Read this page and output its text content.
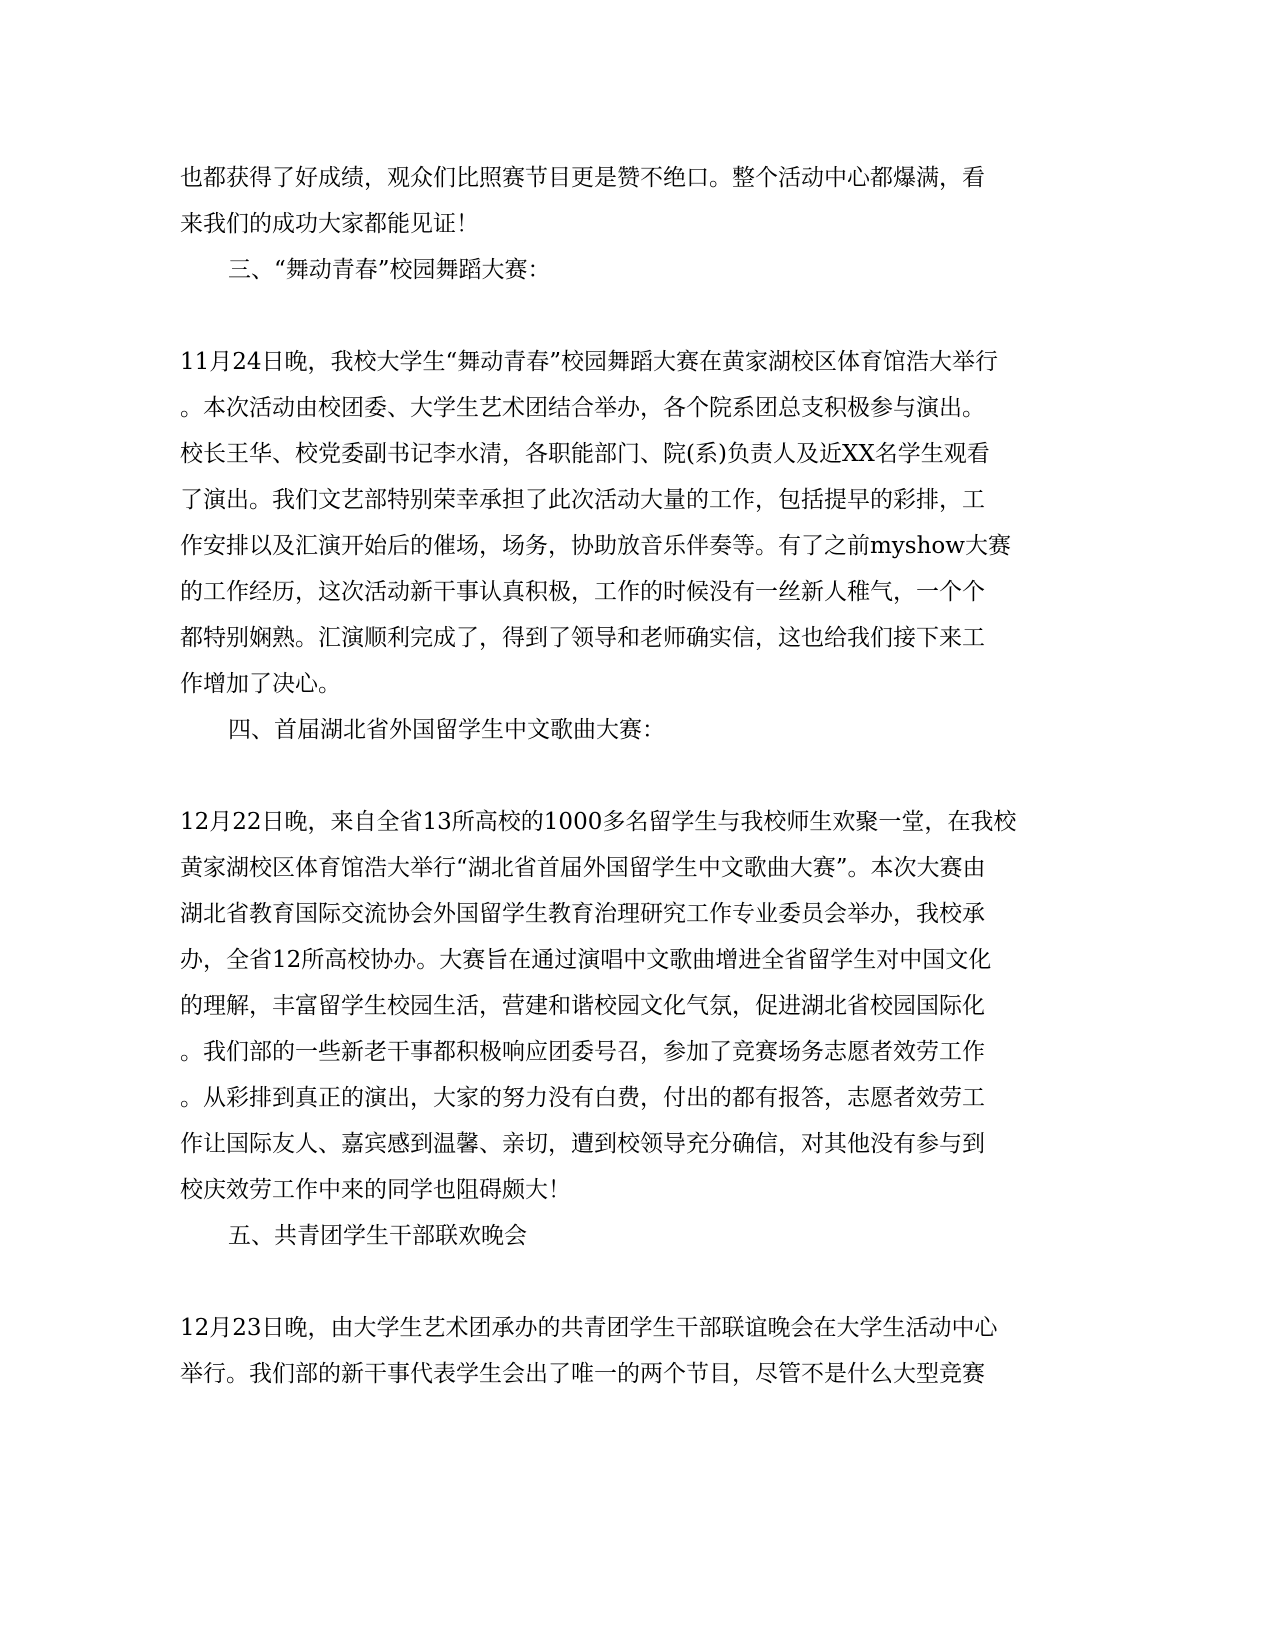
也都获得了好成绩，观众们比照赛节目更是赞不绝口。整个活动中心都爆满，看
来我们的成功大家都能见证！
三、“舞动青春”校园舞蹈大赛：
11月24日晚，我校大学生“舞动青春”校园舞蹈大赛在黄家湖校区体育馆浩大举行
。本次活动由校团委、大学生艺术团结合举办，各个院系团总支积极参与演出。
校长王华、校党委副书记李水清，各职能部门、院(系)负责人及近XX名学生观看
了演出。我们文艺部特别荣幸承担了此次活动大量的工作，包括提早的彩排，工
作安排以及汇演开始后的催场，场务，协助放音乐伴奏等。有了之前myshow大赛
的工作经历，这次活动新干事认真积极，工作的时候没有一丝新人稚气，一个个
都特别娴熟。汇演顺利完成了，得到了领导和老师确实信，这也给我们接下来工
作增加了决心。
四、首届湖北省外国留学生中文歌曲大赛：
12月22日晚，来自全省13所高校的1000多名留学生与我校师生欢聚一堂，在我校
黄家湖校区体育馆浩大举行“湖北省首届外国留学生中文歌曲大赛”。本次大赛由
湖北省教育国际交流协会外国留学生教育治理研究工作专业委员会举办，我校承
办，全省12所高校协办。大赛旨在通过演唱中文歌曲增进全省留学生对中国文化
的理解，丰富留学生校园生活，营建和谐校园文化气氛，促进湖北省校园国际化
。我们部的一些新老干事都积极响应团委号召，参加了竞赛场务志愿者效劳工作
。从彩排到真正的演出，大家的努力没有白费，付出的都有报答，志愿者效劳工
作让国际友人、嘉宾感到温馨、亲切，遭到校领导充分确信，对其他没有参与到
校庆效劳工作中来的同学也阻碍颇大！
五、共青团学生干部联欢晚会
12月23日晚，由大学生艺术团承办的共青团学生干部联谊晚会在大学生活动中心
举行。我们部的新干事代表学生会出了唯一的两个节目，尽管不是什么大型竞赛
